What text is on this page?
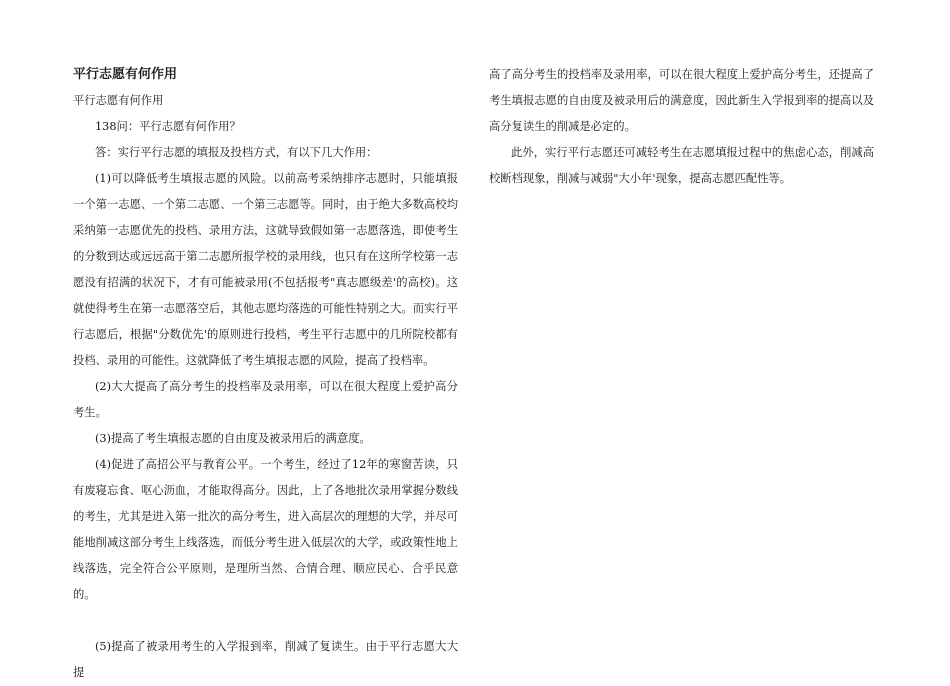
平行志愿有何作用

平行志愿有何作用

138问：平行志愿有何作用？

答：实行平行志愿的填报及投档方式，有以下几大作用：

(1)可以降低考生填报志愿的风险。以前高考采纳排序志愿时，只能填报一个第一志愿、一个第二志愿、一个第三志愿等。同时，由于绝大多数高校均采纳第一志愿优先的投档、录用方法，这就导致假如第一志愿落选，即使考生的分数到达或远远高于第二志愿所报学校的录用线，也只有在这所学校第一志愿没有招满的状况下，才有可能被录用(不包括报考"真志愿级差'的高校)。这就使得考生在第一志愿落空后，其他志愿均落选的可能性特别之大。而实行平行志愿后，根据"分数优先'的原则进行投档，考生平行志愿中的几所院校都有投档、录用的可能性。这就降低了考生填报志愿的风险，提高了投档率。

(2)大大提高了高分考生的投档率及录用率，可以在很大程度上爱护高分考生。

(3)提高了考生填报志愿的自由度及被录用后的满意度。

(4)促进了高招公平与教育公平。一个考生，经过了12年的寒窗苦读，只有废寝忘食、呕心沥血，才能取得高分。因此，上了各地批次录用掌握分数线的考生，尤其是进入第一批次的高分考生，进入高层次的理想的大学，并尽可能地削减这部分考生上线落选，而低分考生进入低层次的大学，或政策性地上线落选，完全符合公平原则，是理所当然、合情合理、顺应民心、合乎民意的。

(5)提高了被录用考生的入学报到率，削减了复读生。由于平行志愿大大提

高了高分考生的投档率及录用率，可以在很大程度上爱护高分考生，还提高了考生填报志愿的自由度及被录用后的满意度，因此新生入学报到率的提高以及高分复读生的削减是必定的。

此外，实行平行志愿还可减轻考生在志愿填报过程中的焦虑心态，削减高校断档现象，削减与减弱"大小年'现象，提高志愿匹配性等。
